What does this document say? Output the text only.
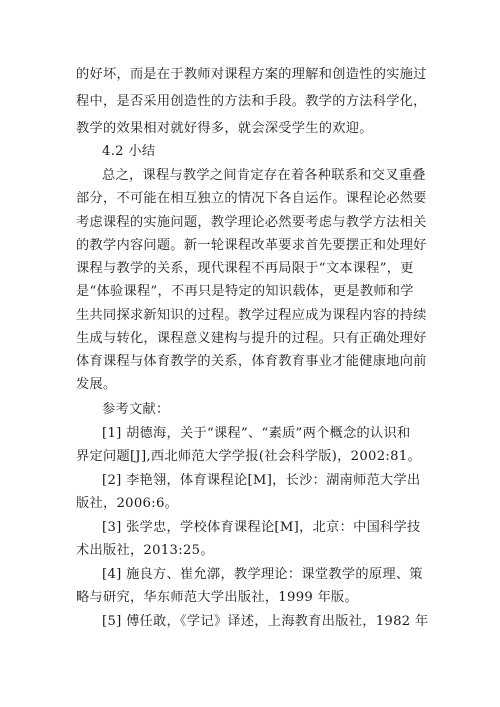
的好坏，而是在于教师对课程方案的理解和创造性的实施过
程中，是否采用创造性的方法和手段。教学的方法科学化，
教学的效果相对就好得多，就会深受学生的欢迎。
4.2 小结
总之，课程与教学之间肯定存在着各种联系和交叉重叠
部分，不可能在相互独立的情况下各自运作。课程论必然要
考虑课程的实施问题，教学理论必然要考虑与教学方法相关
的教学内容问题。新一轮课程改革要求首先要摆正和处理好
课程与教学的关系，现代课程不再局限于“文本课程”，更
是“体验课程”，不再只是特定的知识载体，更是教师和学
生共同探求新知识的过程。教学过程应成为课程内容的持续
生成与转化，课程意义建构与提升的过程。只有正确处理好
体育课程与体育教学的关系，体育教育事业才能健康地向前
发展。
参考文献：
[1] 胡德海，关于“课程”、“素质”两个概念的认识和
界定问题[J],西北师范大学学报(社会科学版)，2002:81。
[2] 李艳翎，体育课程论[M]，长沙：湖南师范大学出
版社，2006:6。
[3] 张学忠，学校体育课程论[M]，北京：中国科学技
术出版社，2013:25。
[4] 施良方、崔允漷，教学理论：课堂教学的原理、策
略与研究，华东师范大学出版社，1999 年版。
[5] 傅任敢，《学记》译述，上海教育出版社，1982 年
